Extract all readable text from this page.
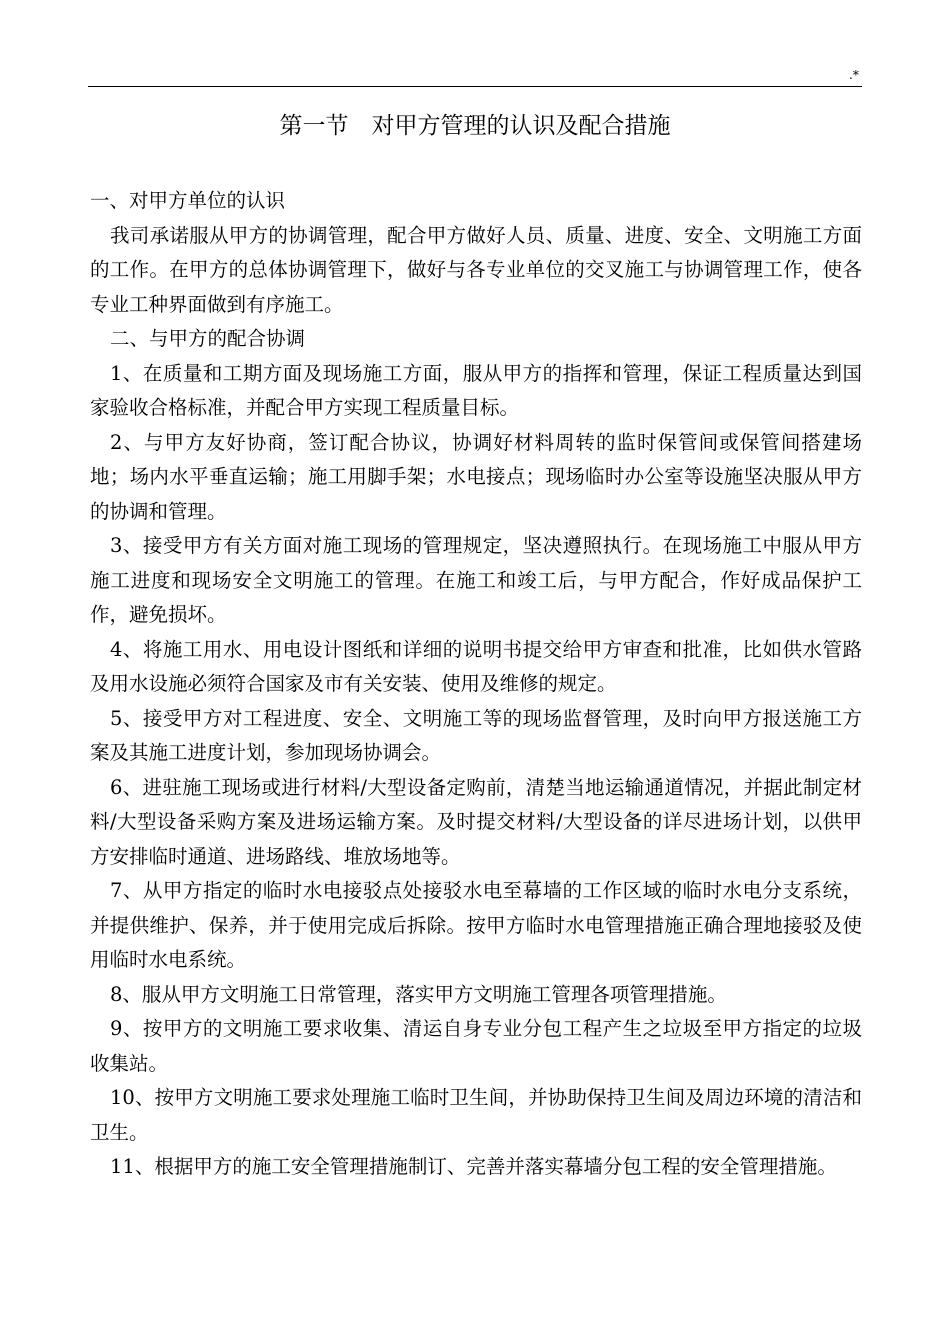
.*
第一节　对甲方管理的认识及配合措施

一、对甲方单位的认识

我司承诺服从甲方的协调管理，配合甲方做好人员、质量、进度、安全、文明施工方面的工作。在甲方的总体协调管理下，做好与各专业单位的交叉施工与协调管理工作，使各专业工种界面做到有序施工。

二、与甲方的配合协调

1、在质量和工期方面及现场施工方面，服从甲方的指挥和管理，保证工程质量达到国家验收合格标准，并配合甲方实现工程质量目标。

2、与甲方友好协商，签订配合协议，协调好材料周转的监时保管间或保管间搭建场地；场内水平垂直运输；施工用脚手架；水电接点；现场临时办公室等设施坚决服从甲方的协调和管理。

3、接受甲方有关方面对施工现场的管理规定，坚决遵照执行。在现场施工中服从甲方施工进度和现场安全文明施工的管理。在施工和竣工后，与甲方配合，作好成品保护工作，避免损坏。

4、将施工用水、用电设计图纸和详细的说明书提交给甲方审查和批准，比如供水管路及用水设施必须符合国家及市有关安装、使用及维修的规定。

5、接受甲方对工程进度、安全、文明施工等的现场监督管理，及时向甲方报送施工方案及其施工进度计划，参加现场协调会。

6、进驻施工现场或进行材料/大型设备定购前，清楚当地运输通道情况，并据此制定材料/大型设备采购方案及进场运输方案。及时提交材料/大型设备的详尽进场计划，以供甲方安排临时通道、进场路线、堆放场地等。

7、从甲方指定的临时水电接驳点处接驳水电至幕墙的工作区域的临时水电分支系统，并提供维护、保养，并于使用完成后拆除。按甲方临时水电管理措施正确合理地接驳及使用临时水电系统。

8、服从甲方文明施工日常管理，落实甲方文明施工管理各项管理措施。

9、按甲方的文明施工要求收集、清运自身专业分包工程产生之垃圾至甲方指定的垃圾收集站。

10、按甲方文明施工要求处理施工临时卫生间，并协助保持卫生间及周边环境的清洁和卫生。

11、根据甲方的施工安全管理措施制订、完善并落实幕墙分包工程的安全管理措施。
